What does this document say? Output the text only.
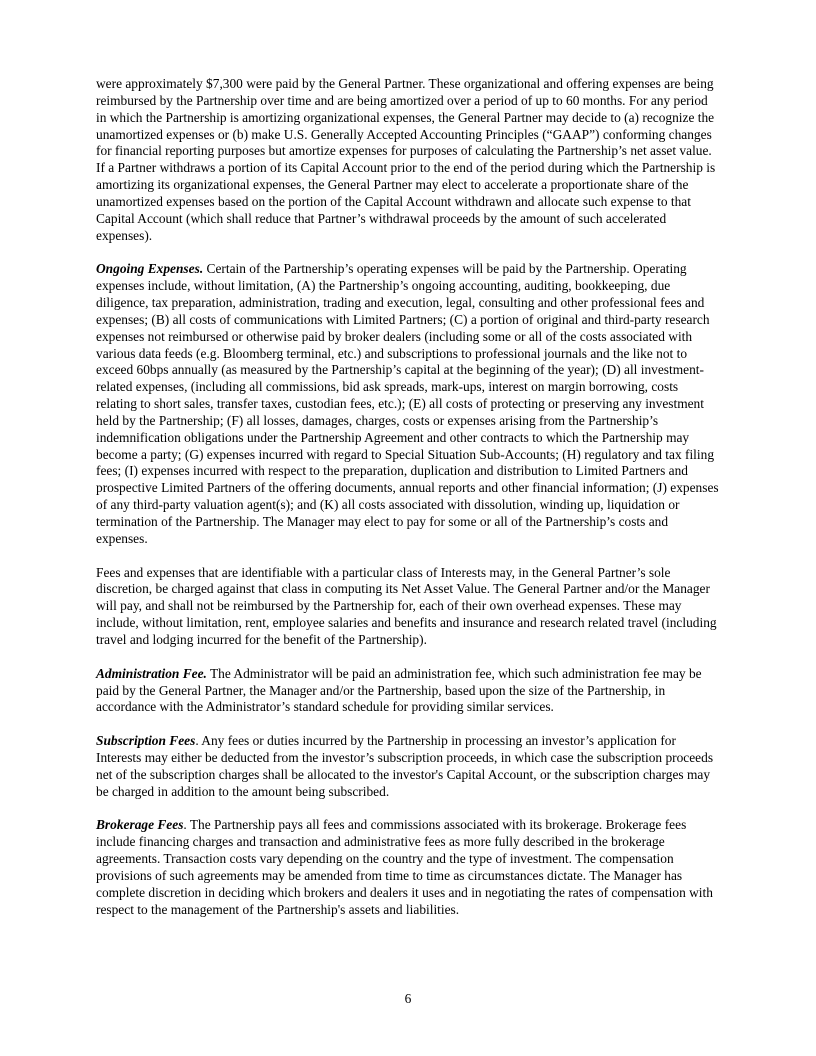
were approximately $7,300 were paid by the General Partner. These organizational and offering expenses are being reimbursed by the Partnership over time and are being amortized over a period of up to 60 months. For any period in which the Partnership is amortizing organizational expenses, the General Partner may decide to (a) recognize the unamortized expenses or (b) make U.S. Generally Accepted Accounting Principles (“GAAP”) conforming changes for financial reporting purposes but amortize expenses for purposes of calculating the Partnership’s net asset value. If a Partner withdraws a portion of its Capital Account prior to the end of the period during which the Partnership is amortizing its organizational expenses, the General Partner may elect to accelerate a proportionate share of the unamortized expenses based on the portion of the Capital Account withdrawn and allocate such expense to that Capital Account (which shall reduce that Partner’s withdrawal proceeds by the amount of such accelerated expenses).

Ongoing Expenses. Certain of the Partnership’s operating expenses will be paid by the Partnership. Operating expenses include, without limitation, (A) the Partnership’s ongoing accounting, auditing, bookkeeping, due diligence, tax preparation, administration, trading and execution, legal, consulting and other professional fees and expenses; (B) all costs of communications with Limited Partners; (C) a portion of original and third-party research expenses not reimbursed or otherwise paid by broker dealers (including some or all of the costs associated with various data feeds (e.g. Bloomberg terminal, etc.) and subscriptions to professional journals and the like not to exceed 60bps annually (as measured by the Partnership’s capital at the beginning of the year); (D) all investment-related expenses, (including all commissions, bid ask spreads, mark-ups, interest on margin borrowing, costs relating to short sales, transfer taxes, custodian fees, etc.); (E) all costs of protecting or preserving any investment held by the Partnership; (F) all losses, damages, charges, costs or expenses arising from the Partnership’s indemnification obligations under the Partnership Agreement and other contracts to which the Partnership may become a party; (G) expenses incurred with regard to Special Situation Sub-Accounts; (H) regulatory and tax filing fees; (I) expenses incurred with respect to the preparation, duplication and distribution to Limited Partners and prospective Limited Partners of the offering documents, annual reports and other financial information; (J) expenses of any third-party valuation agent(s); and (K) all costs associated with dissolution, winding up, liquidation or termination of the Partnership. The Manager may elect to pay for some or all of the Partnership’s costs and expenses.

Fees and expenses that are identifiable with a particular class of Interests may, in the General Partner’s sole discretion, be charged against that class in computing its Net Asset Value. The General Partner and/or the Manager will pay, and shall not be reimbursed by the Partnership for, each of their own overhead expenses. These may include, without limitation, rent, employee salaries and benefits and insurance and research related travel (including travel and lodging incurred for the benefit of the Partnership).

Administration Fee. The Administrator will be paid an administration fee, which such administration fee may be paid by the General Partner, the Manager and/or the Partnership, based upon the size of the Partnership, in accordance with the Administrator’s standard schedule for providing similar services.

Subscription Fees. Any fees or duties incurred by the Partnership in processing an investor’s application for Interests may either be deducted from the investor’s subscription proceeds, in which case the subscription proceeds net of the subscription charges shall be allocated to the investor's Capital Account, or the subscription charges may be charged in addition to the amount being subscribed.

Brokerage Fees. The Partnership pays all fees and commissions associated with its brokerage. Brokerage fees include financing charges and transaction and administrative fees as more fully described in the brokerage agreements. Transaction costs vary depending on the country and the type of investment. The compensation provisions of such agreements may be amended from time to time as circumstances dictate. The Manager has complete discretion in deciding which brokers and dealers it uses and in negotiating the rates of compensation with respect to the management of the Partnership's assets and liabilities.

6
